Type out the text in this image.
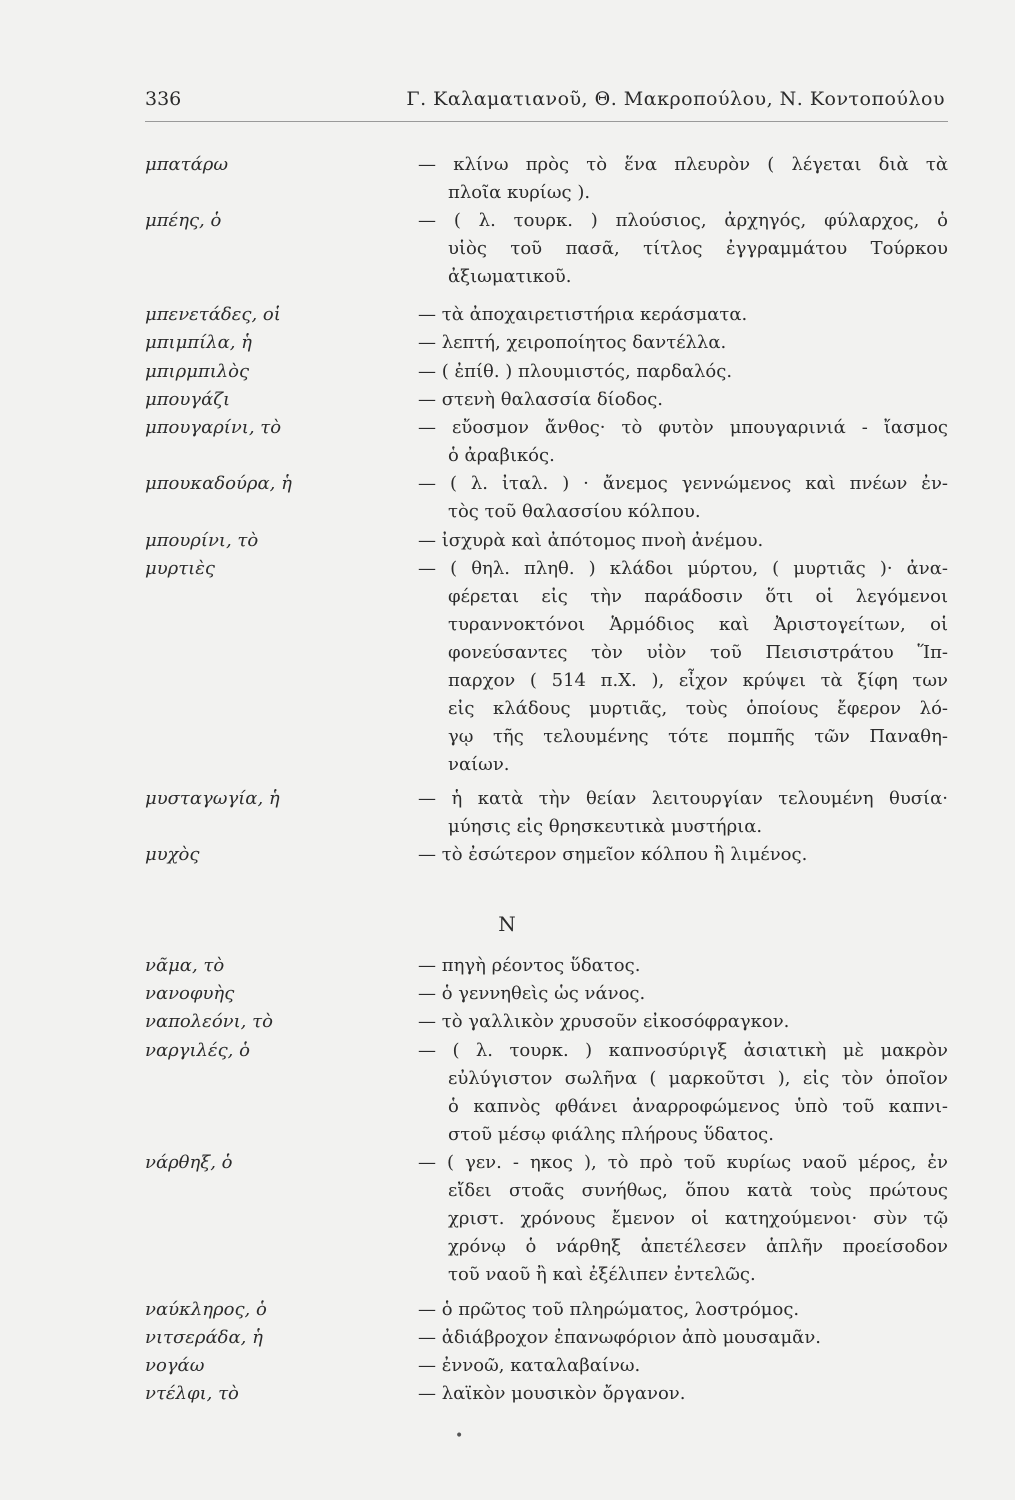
336	Γ. Καλαματιανοῦ, Θ. Μακροπούλου, Ν. Κοντοπούλου
μπατάρω	— κλίνω πρὸς τὸ ἕνα πλευρὸν ( λέγεται διὰ τὰ
πλοῖα κυρίως ).
μπέης, ὁ	— ( λ. τουρκ. ) πλούσιος, ἀρχηγός, φύλαρχος, ὁ
υἱὸς τοῦ πασᾶ, τίτλος ἐγγραμμάτου Τούρκου
ἀξιωματικοῦ.
μπενετάδες, οἱ	— τὰ ἀποχαιρετιστήρια κεράσματα.
μπιμπίλα, ἡ	— λεπτή, χειροποίητος δαντέλλα.
μπιρμπιλὸς	— ( ἐπίθ. ) πλουμιστός, παρδαλός.
μπουγάζι	— στενὴ θαλασσία δίοδος.
μπουγαρίνι, τὸ	— εὔοσμον ἄνθος· τὸ φυτὸν μπουγαρινιά - ἴασμος
ὁ ἀραβικός.
μπουκαδούρα, ἡ	— ( λ. ἰταλ. ) · ἄνεμος γεννώμενος καὶ πνέων ἐν-
τὸς τοῦ θαλασσίου κόλπου.
μπουρίνι, τὸ	— ἰσχυρὰ καὶ ἀπότομος πνοὴ ἀνέμου.
μυρτιὲς	— ( θηλ. πληθ. ) κλάδοι μύρτου, ( μυρτιᾶς )· ἀνα-
φέρεται εἰς τὴν παράδοσιν ὅτι οἱ λεγόμενοι
τυραννοκτόνοι Ἁρμόδιος καὶ Ἀριστογείτων, οἱ
φονεύσαντες τὸν υἱὸν τοῦ Πεισιστράτου Ἵπ-
παρχον ( 514 π.Χ. ), εἶχον κρύψει τὰ ξίφη των
εἰς κλάδους μυρτιᾶς, τοὺς ὁποίους ἔφερον λό-
γῳ τῆς τελουμένης τότε πομπῆς τῶν Παναθη-
ναίων.
μυσταγωγία, ἡ	— ἡ κατὰ τὴν θείαν λειτουργίαν τελουμένη θυσία·
μύησις εἰς θρησκευτικὰ μυστήρια.
μυχὸς	— τὸ ἐσώτερον σημεῖον κόλπου ἢ λιμένος.
νᾶμα, τὸ	— πηγὴ ρέοντος ὕδατος.
νανοφυὴς	— ὁ γεννηθεὶς ὡς νάνος.
ναπολεόνι, τὸ	— τὸ γαλλικὸν χρυσοῦν εἰκοσόφραγκον.
ναργιλές, ὁ	— ( λ. τουρκ. ) καπνοσύριγξ ἀσιατικὴ μὲ μακρὸν
εὐλύγιστον σωλῆνα ( μαρκοῦτσι ), εἰς τὸν ὁποῖον
ὁ καπνὸς φθάνει ἀναρροφώμενος ὑπὸ τοῦ καπνι-
στοῦ μέσῳ φιάλης πλήρους ὕδατος.
νάρθηξ, ὁ	— ( γεν. - ηκος ), τὸ πρὸ τοῦ κυρίως ναοῦ μέρος, ἐν
εἴδει στοᾶς συνήθως, ὅπου κατὰ τοὺς πρώτους
χριστ. χρόνους ἔμενον οἱ κατηχούμενοι· σὺν τῷ
χρόνῳ ὁ νάρθηξ ἀπετέλεσεν ἁπλῆν προείσοδον
τοῦ ναοῦ ἢ καὶ ἐξέλιπεν ἐντελῶς.
ναύκληρος, ὁ	— ὁ πρῶτος τοῦ πληρώματος, λοστρόμος.
νιτσεράδα, ἡ	— ἀδιάβροχον ἐπανωφόριον ἀπὸ μουσαμᾶν.
νογάω	— ἐννοῶ, καταλαβαίνω.
ντέλφι, τὸ	— λαϊκὸν μουσικὸν ὄργανον.
Ν
•
